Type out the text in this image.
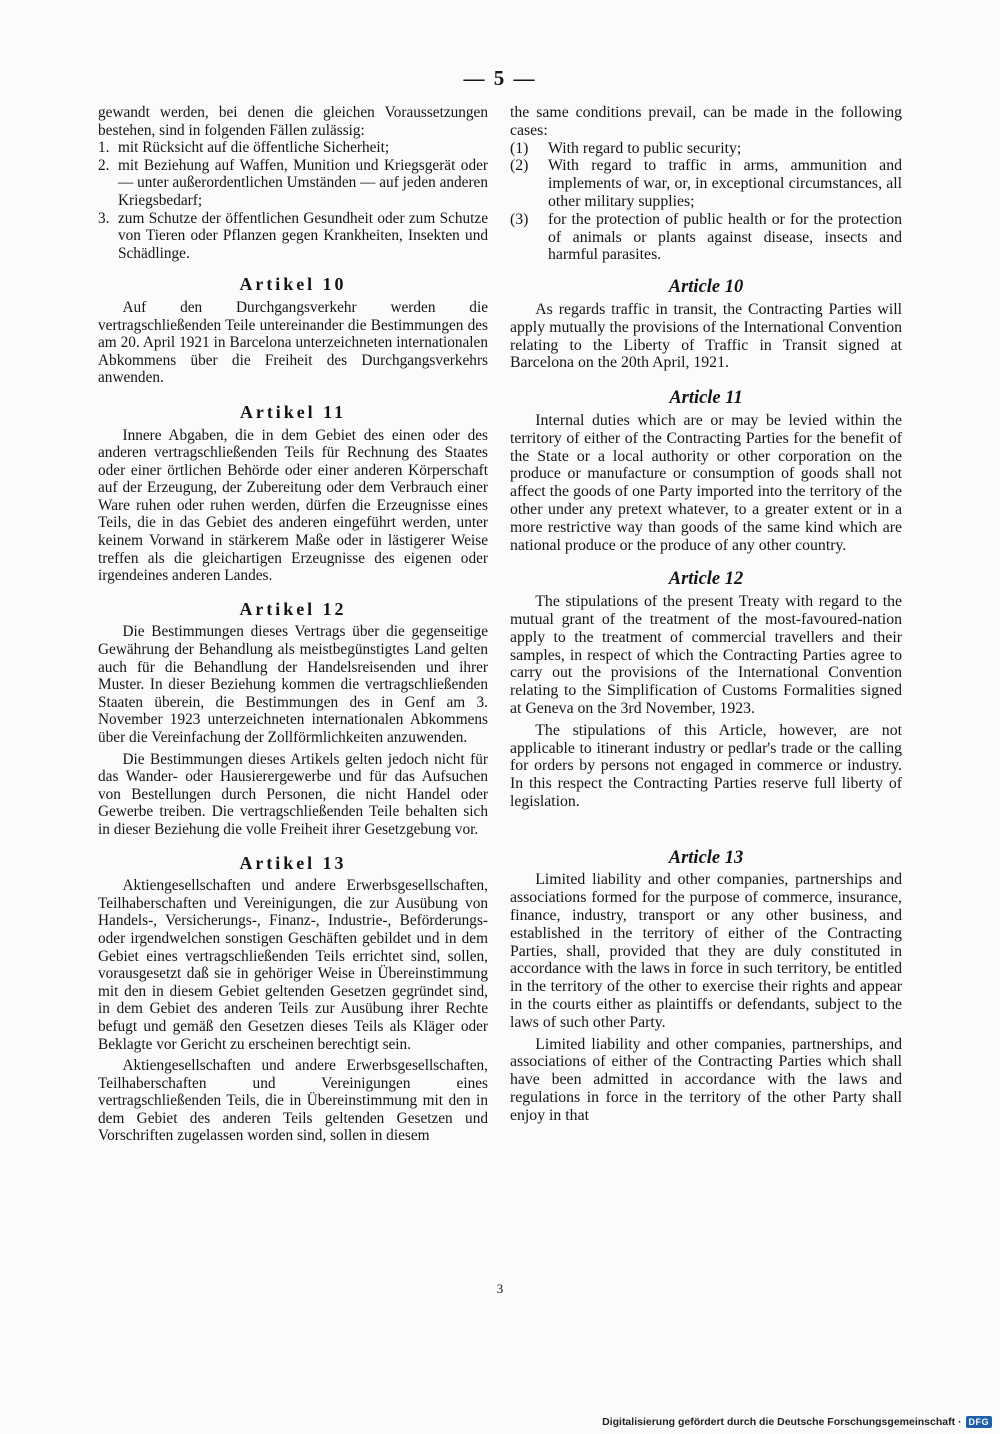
— 5 —

gewandt werden, bei denen die gleichen Voraussetzungen bestehen, sind in folgenden Fällen zulässig:

1. mit Rücksicht auf die öffentliche Sicherheit;
2. mit Beziehung auf Waffen, Munition und Kriegsgerät oder — unter außerordentlichen Umständen — auf jeden anderen Kriegsbedarf;
3. zum Schutze der öffentlichen Gesundheit oder zum Schutze von Tieren oder Pflanzen gegen Krankheiten, Insekten und Schädlinge.
Artikel 10

Auf den Durchgangsverkehr werden die vertragschließenden Teile untereinander die Bestimmungen des am 20. April 1921 in Barcelona unterzeichneten internationalen Abkommens über die Freiheit des Durchgangsverkehrs anwenden.

Artikel 11

Innere Abgaben, die in dem Gebiet des einen oder des anderen vertragschließenden Teils für Rechnung des Staates oder einer örtlichen Behörde oder einer anderen Körperschaft auf der Erzeugung, der Zubereitung oder dem Verbrauch einer Ware ruhen oder ruhen werden, dürfen die Erzeugnisse eines Teils, die in das Gebiet des anderen eingeführt werden, unter keinem Vorwand in stärkerem Maße oder in lästigerer Weise treffen als die gleichartigen Erzeugnisse des eigenen oder irgendeines anderen Landes.

Artikel 12

Die Bestimmungen dieses Vertrags über die gegenseitige Gewährung der Behandlung als meistbegünstigtes Land gelten auch für die Behandlung der Handelsreisenden und ihrer Muster. In dieser Beziehung kommen die vertragschließenden Staaten überein, die Bestimmungen des in Genf am 3. November 1923 unterzeichneten internationalen Abkommens über die Vereinfachung der Zollförmlichkeiten anzuwenden.

Die Bestimmungen dieses Artikels gelten jedoch nicht für das Wander- oder Hausierergewerbe und für das Aufsuchen von Bestellungen durch Personen, die nicht Handel oder Gewerbe treiben. Die vertragschließenden Teile behalten sich in dieser Beziehung die volle Freiheit ihrer Gesetzgebung vor.

Artikel 13

Aktiengesellschaften und andere Erwerbsgesellschaften, Teilhaberschaften und Vereinigungen, die zur Ausübung von Handels-, Versicherungs-, Finanz-, Industrie-, Beförderungs- oder irgendwelchen sonstigen Geschäften gebildet und in dem Gebiet eines vertragschließenden Teils errichtet sind, sollen, vorausgesetzt daß sie in gehöriger Weise in Übereinstimmung mit den in diesem Gebiet geltenden Gesetzen gegründet sind, in dem Gebiet des anderen Teils zur Ausübung ihrer Rechte befugt und gemäß den Gesetzen dieses Teils als Kläger oder Beklagte vor Gericht zu erscheinen berechtigt sein.

Aktiengesellschaften und andere Erwerbsgesellschaften, Teilhaberschaften und Vereinigungen eines vertragschließenden Teils, die in Übereinstimmung mit den in dem Gebiet des anderen Teils geltenden Gesetzen und Vorschriften zugelassen worden sind, sollen in diesem

the same conditions prevail, can be made in the following cases:

(1)	With regard to public security;
(2)	With regard to traffic in arms, ammunition and implements of war, or, in exceptional circumstances, all other military supplies;
(3)	for the protection of public health or for the protection of animals or plants against disease, insects and harmful parasites.
Article 10

As regards traffic in transit, the Contracting Parties will apply mutually the provisions of the International Convention relating to the Liberty of Traffic in Transit signed at Barcelona on the 20th April, 1921.

Article 11

Internal duties which are or may be levied within the territory of either of the Contracting Parties for the benefit of the State or a local authority or other corporation on the produce or manufacture or consumption of goods shall not affect the goods of one Party imported into the territory of the other under any pretext whatever, to a greater extent or in a more restrictive way than goods of the same kind which are national produce or the produce of any other country.

Article 12

The stipulations of the present Treaty with regard to the mutual grant of the treatment of the most-favoured-nation apply to the treatment of commercial travellers and their samples, in respect of which the Contracting Parties agree to carry out the provisions of the International Convention relating to the Simplification of Customs Formalities signed at Geneva on the 3rd November, 1923.

The stipulations of this Article, however, are not applicable to itinerant industry or pedlar's trade or the calling for orders by persons not engaged in commerce or industry. In this respect the Contracting Parties reserve full liberty of legislation.

Article 13

Limited liability and other companies, partnerships and associations formed for the purpose of commerce, insurance, finance, industry, transport or any other business, and established in the territory of either of the Contracting Parties, shall, provided that they are duly constituted in accordance with the laws in force in such territory, be entitled in the territory of the other to exercise their rights and appear in the courts either as plaintiffs or defendants, subject to the laws of such other Party.

Limited liability and other companies, partnerships, and associations of either of the Contracting Parties which shall have been admitted in accordance with the laws and regulations in force in the territory of the other Party shall enjoy in that

3
Digitalisierung gefördert durch die Deutsche Forschungsgemeinschaft · DFG
